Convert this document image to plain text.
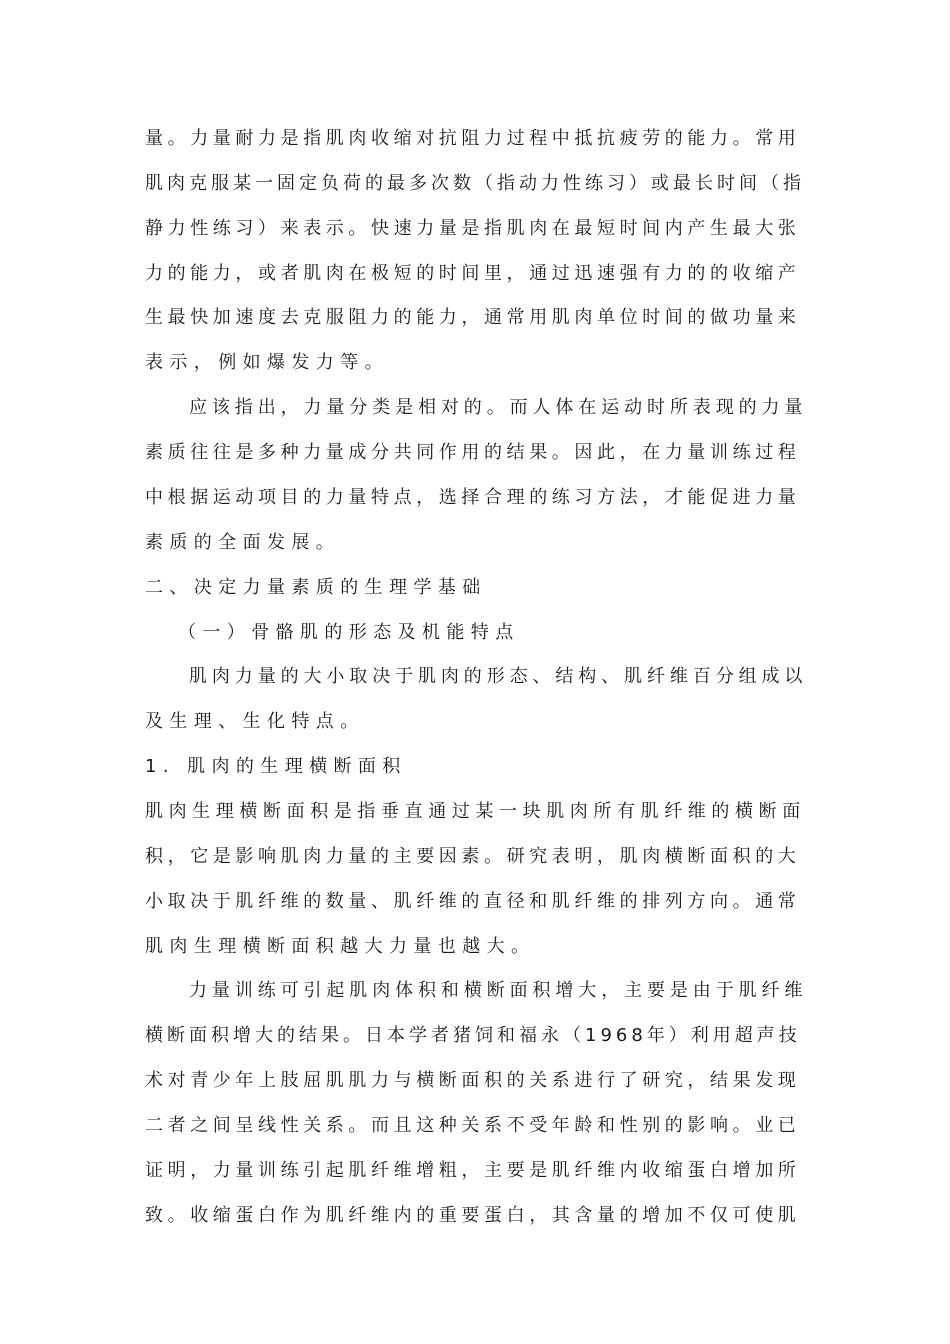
量。力量耐力是指肌肉收缩对抗阻力过程中抵抗疲劳的能力。常用
肌肉克服某一固定负荷的最多次数（指动力性练习）或最长时间（指
静力性练习）来表示。快速力量是指肌肉在最短时间内产生最大张
力的能力，或者肌肉在极短的时间里，通过迅速强有力的的收缩产
生最快加速度去克服阻力的能力，通常用肌肉单位时间的做功量来
表示，例如爆发力等。
应该指出，力量分类是相对的。而人体在运动时所表现的力量
素质往往是多种力量成分共同作用的结果。因此，在力量训练过程
中根据运动项目的力量特点，选择合理的练习方法，才能促进力量
素质的全面发展。
二、决定力量素质的生理学基础
（一）骨骼肌的形态及机能特点
肌肉力量的大小取决于肌肉的形态、结构、肌纤维百分组成以
及生理、生化特点。
1. 肌肉的生理横断面积
肌肉生理横断面积是指垂直通过某一块肌肉所有肌纤维的横断面
积，它是影响肌肉力量的主要因素。研究表明，肌肉横断面积的大
小取决于肌纤维的数量、肌纤维的直径和肌纤维的排列方向。通常
肌肉生理横断面积越大力量也越大。
力量训练可引起肌肉体积和横断面积增大，主要是由于肌纤维
横断面积增大的结果。日本学者猪饲和福永（1968年）利用超声技
术对青少年上肢屈肌肌力与横断面积的关系进行了研究，结果发现
二者之间呈线性关系。而且这种关系不受年龄和性别的影响。业已
证明，力量训练引起肌纤维增粗，主要是肌纤维内收缩蛋白增加所
致。收缩蛋白作为肌纤维内的重要蛋白，其含量的增加不仅可使肌
